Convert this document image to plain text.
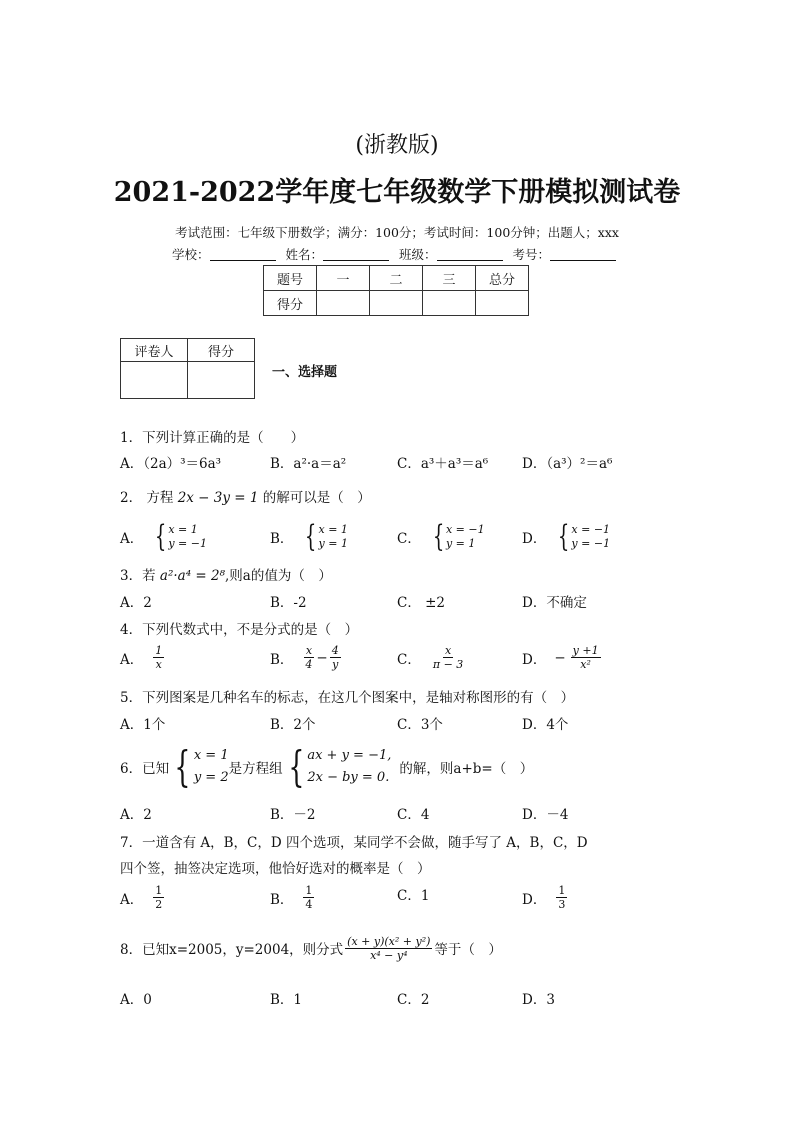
(浙教版)
2021-2022学年度七年级数学下册模拟测试卷
考试范围：七年级下册数学；满分：100分；考试时间：100分钟；出题人；xxx
学校：	姓名：	班级：	考号：
题号	一	二	三	总分
得分				
评卷人	得分

一、选择题
1．下列计算正确的是（　　）
A．（2a）³＝6a³	B．a²·a＝a²	C．a³＋a³＝a⁶	D．（a³）²＝a⁶
2． 方程 2x − 3y = 1 的解可以是（　）
A． { x = 1
y = −1	B． { x = 1
y = 1	C． { x = −1
y = 1	D． { x = −1
y = −1
3．若 a²·a⁴ = 2⁸,则a的值为（　）
A．2	B．-2	C． ±2	D．不确定
4．下列代数式中，不是分式的是（　）
A． $\frac{1}{x}$	B． $\frac{x}{4} - \frac{4}{y}$	C． $\frac{x}{\pi - 3}$	D． − $\frac{y +1}{\text{x²}}$
5．下列图案是几种名车的标志，在这几个图案中，是轴对称图形的有（　）
A．1个	B．2个	C．3个	D．4个
6．已知 { x = 1
y = 2
是方程组 { ax + y = −1,
2x − by = 0.
的解，则a+b=（　）
A．2	B．－2	C．4	D．－4
7．一道含有 A，B，C，D 四个选项，某同学不会做，随手写了 A，B，C，D
四个签，抽签决定选项，他恰好选对的概率是（　）
A． $\frac{1}{2}$	B． $\frac{1}{4}$	C．1	D． $\frac{1}{3}$
8．已知x=2005，y=2004，则分式 $\frac{\text{(x + y)(x² + y²)}}{\text{x⁴ − y⁴}}$ 等于（　）
A．0	B．1	C．2	D．3
